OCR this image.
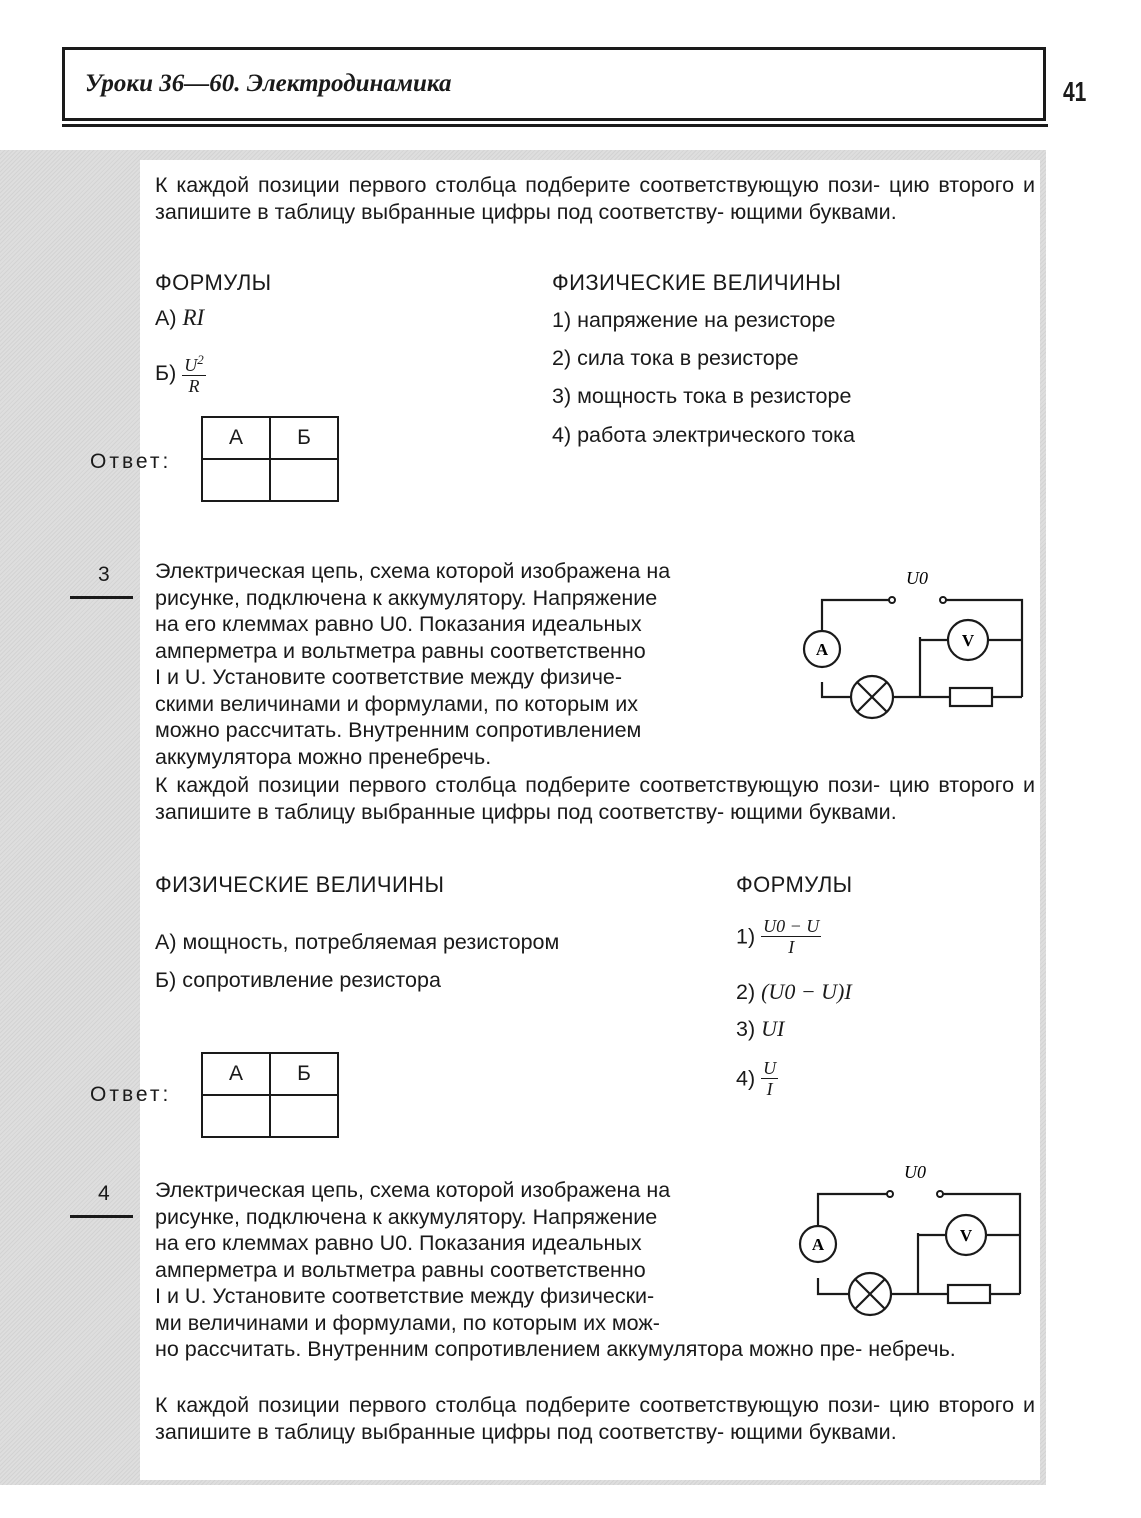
Уроки 36—60. Электродинамика	41
К каждой позиции первого столбца подберите соответствующую пози- цию второго и запишите в таблицу выбранные цифры под соответству- ющими буквами.
ФОРМУЛЫ	ФИЗИЧЕСКИЕ ВЕЛИЧИНЫ
А) RI
$Б) \frac{U^2}{R}$
1) напряжение на резисторе
2) сила тока в резисторе
3) мощность тока в резисторе
4) работа электрического тока
Ответ:
А	Б

3 Электрическая цепь, схема которой изображена на
рисунке, подключена к аккумулятору. Напряжение
на его клеммах равно U0. Показания идеальных
амперметра и вольтметра равны соответственно
I и U. Установите соответствие между физиче-
скими величинами и формулами, по которым их
можно рассчитать. Внутренним сопротивлением
аккумулятора можно пренебречь.
A	V
U0
К каждой позиции первого столбца подберите соответствующую пози- цию второго и запишите в таблицу выбранные цифры под соответству- ющими буквами.
ФИЗИЧЕСКИЕ ВЕЛИЧИНЫ	ФОРМУЛЫ
А) мощность, потребляемая резистором
Б) сопротивление резистора
$1) \frac{U0 - U}{I}$
2) (U0 − U)I
3) UI
$4) \frac{U}{I}$
Ответ:
А	Б

4 Электрическая цепь, схема которой изображена на
рисунке, подключена к аккумулятору. Напряжение
на его клеммах равно U0. Показания идеальных
амперметра и вольтметра равны соответственно
I и U. Установите соответствие между физически-
ми величинами и формулами, по которым их мож-
но рассчитать. Внутренним сопротивлением аккумулятора можно пре- небречь.
A	V
U0
К каждой позиции первого столбца подберите соответствующую пози- цию второго и запишите в таблицу выбранные цифры под соответству- ющими буквами.
